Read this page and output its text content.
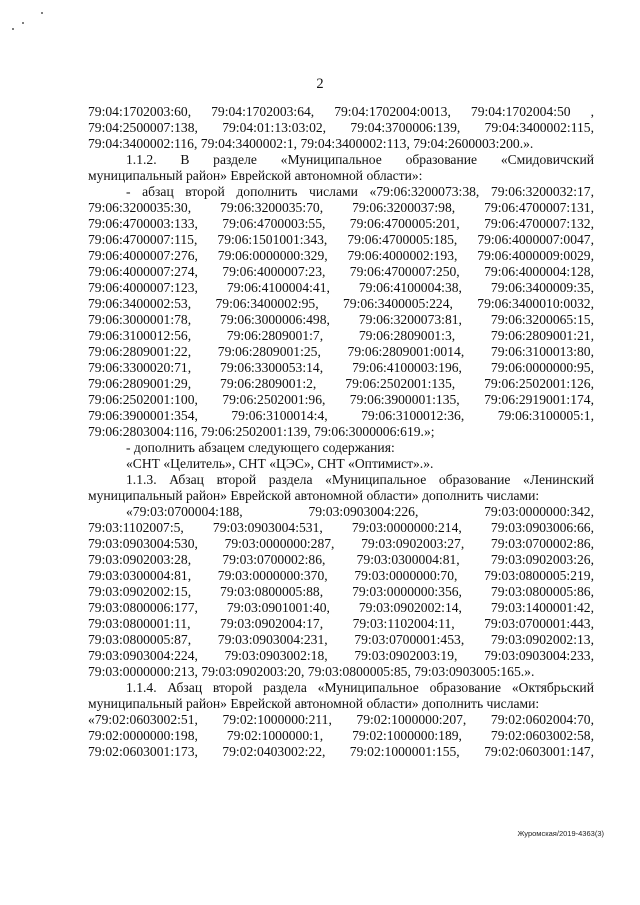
2

79:04:1702003:60, 79:04:1702003:64, 79:04:1702004:0013, 79:04:1702004:50 ,

79:04:2500007:138, 79:04:01:13:03:02, 79:04:3700006:139, 79:04:3400002:115,

79:04:3400002:116, 79:04:3400002:1, 79:04:3400002:113, 79:04:2600003:200.».

1.1.2. В разделе «Муниципальное образование «Смидовичский

муниципальный район» Еврейской автономной области»:

- абзац второй дополнить числами «79:06:3200073:38, 79:06:3200032:17,

79:06:3200035:30, 79:06:3200035:70, 79:06:3200037:98, 79:06:4700007:131,

79:06:4700003:133, 79:06:4700003:55, 79:06:4700005:201, 79:06:4700007:132,

79:06:4700007:115, 79:06:1501001:343, 79:06:4700005:185, 79:06:4000007:0047,

79:06:4000007:276, 79:06:0000000:329, 79:06:4000002:193, 79:06:4000009:0029,

79:06:4000007:274, 79:06:4000007:23, 79:06:4700007:250, 79:06:4000004:128,

79:06:4000007:123, 79:06:4100004:41, 79:06:4100004:38, 79:06:3400009:35,

79:06:3400002:53, 79:06:3400002:95, 79:06:3400005:224, 79:06:3400010:0032,

79:06:3000001:78, 79:06:3000006:498, 79:06:3200073:81, 79:06:3200065:15,

79:06:3100012:56, 79:06:2809001:7, 79:06:2809001:3, 79:06:2809001:21,

79:06:2809001:22, 79:06:2809001:25, 79:06:2809001:0014, 79:06:3100013:80,

79:06:3300020:71, 79:06:3300053:14, 79:06:4100003:196, 79:06:0000000:95,

79:06:2809001:29, 79:06:2809001:2, 79:06:2502001:135, 79:06:2502001:126,

79:06:2502001:100, 79:06:2502001:96, 79:06:3900001:135, 79:06:2919001:174,

79:06:3900001:354, 79:06:3100014:4, 79:06:3100012:36, 79:06:3100005:1,

79:06:2803004:116, 79:06:2502001:139, 79:06:3000006:619.»;

- дополнить абзацем следующего содержания:

«СНТ «Целитель», СНТ «ЦЭС», СНТ «Оптимист».».

1.1.3. Абзац второй раздела «Муниципальное образование «Ленинский

муниципальный район» Еврейской автономной области» дополнить числами:

«79:03:0700004:188, 79:03:0903004:226, 79:03:0000000:342,

79:03:1102007:5, 79:03:0903004:531, 79:03:0000000:214, 79:03:0903006:66,

79:03:0903004:530, 79:03:0000000:287, 79:03:0902003:27, 79:03:0700002:86,

79:03:0902003:28, 79:03:0700002:86, 79:03:0300004:81, 79:03:0902003:26,

79:03:0300004:81, 79:03:0000000:370, 79:03:0000000:70, 79:03:0800005:219,

79:03:0902002:15, 79:03:0800005:88, 79:03:0000000:356, 79:03:0800005:86,

79:03:0800006:177, 79:03:0901001:40, 79:03:0902002:14, 79:03:1400001:42,

79:03:0800001:11, 79:03:0902004:17, 79:03:1102004:11, 79:03:0700001:443,

79:03:0800005:87, 79:03:0903004:231, 79:03:0700001:453, 79:03:0902002:13,

79:03:0903004:224, 79:03:0903002:18, 79:03:0902003:19, 79:03:0903004:233,

79:03:0000000:213, 79:03:0902003:20, 79:03:0800005:85, 79:03:0903005:165.».

1.1.4. Абзац второй раздела «Муниципальное образование «Октябрьский

муниципальный район» Еврейской автономной области» дополнить числами:

«79:02:0603002:51, 79:02:1000000:211, 79:02:1000000:207, 79:02:0602004:70,

79:02:0000000:198, 79:02:1000000:1, 79:02:1000000:189, 79:02:0603002:58,

79:02:0603001:173, 79:02:0403002:22, 79:02:1000001:155, 79:02:0603001:147,

Журомская/2019-4363(3)
